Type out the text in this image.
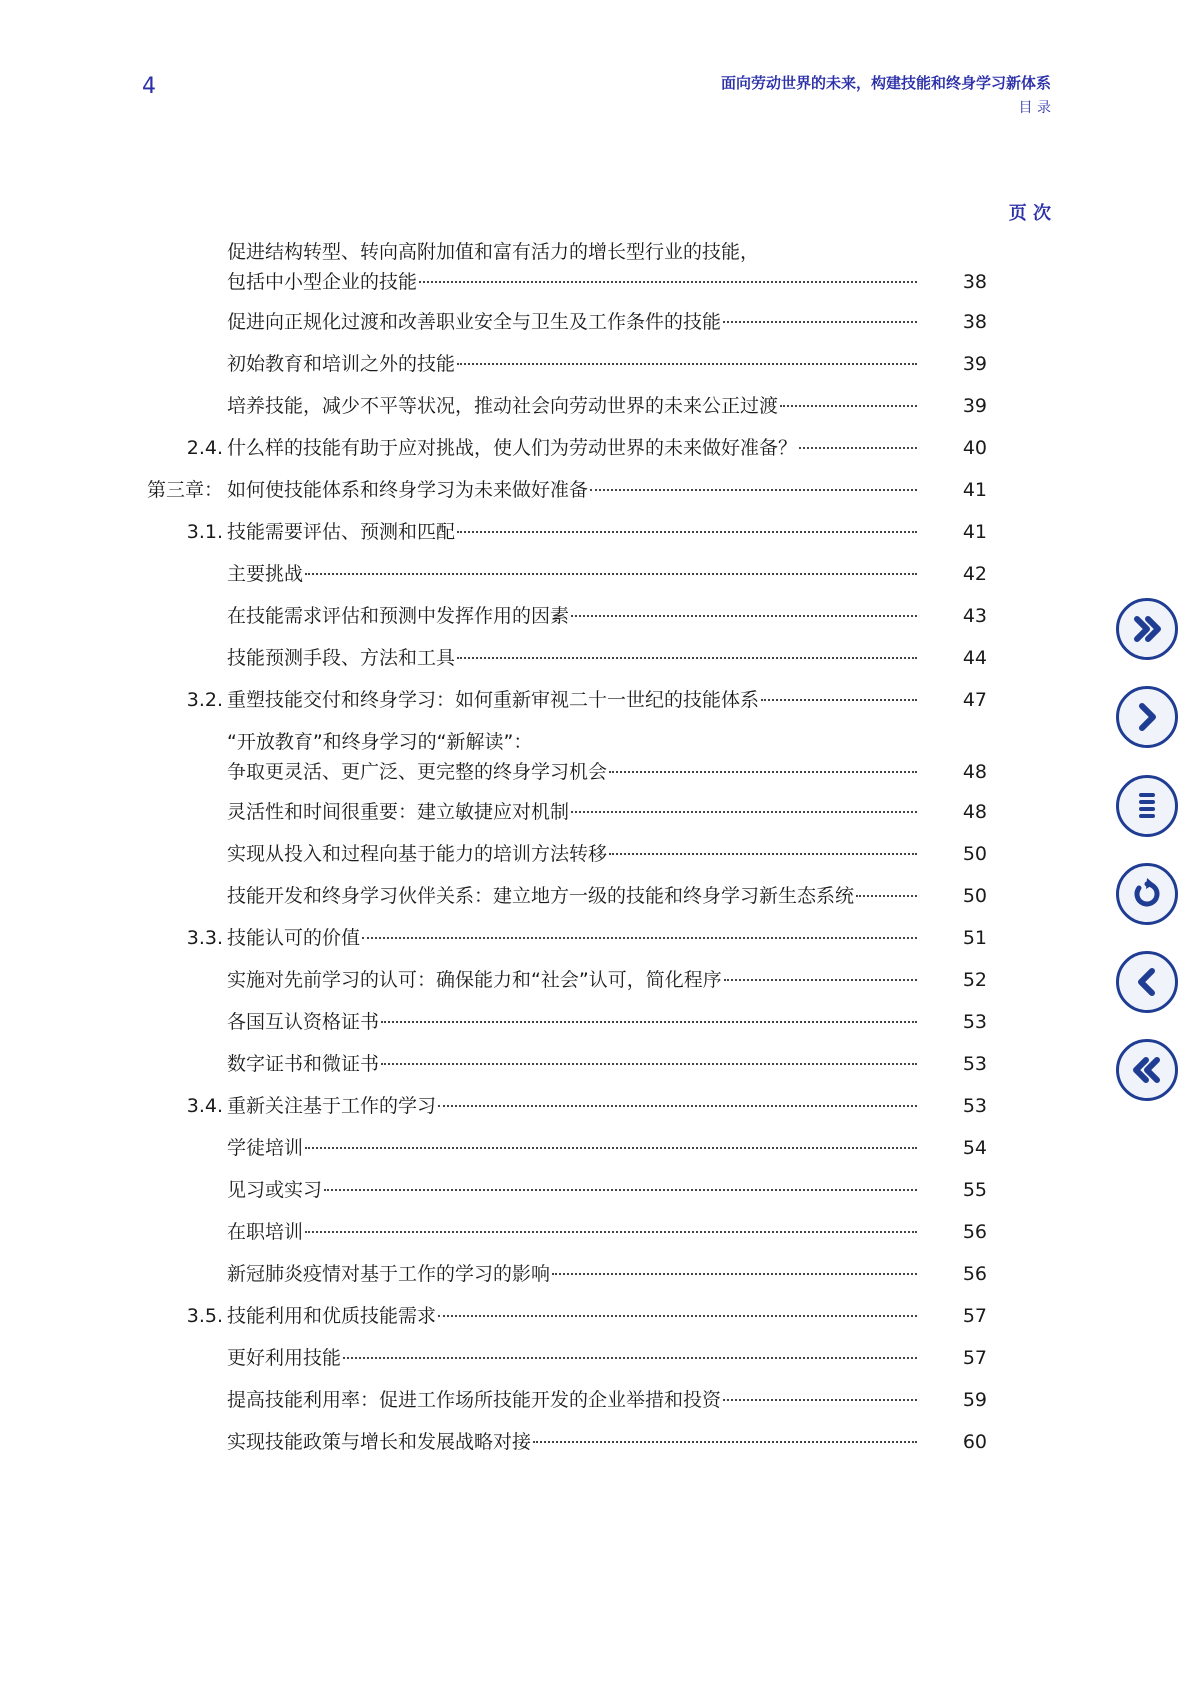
4	面向劳动世界的未来，构建技能和终身学习新体系
目 录
页 次
促进结构转型、转向高附加值和富有活力的增长型行业的技能，
包括中小型企业的技能	38
促进向正规化过渡和改善职业安全与卫生及工作条件的技能	38
初始教育和培训之外的技能	39
培养技能，减少不平等状况，推动社会向劳动世界的未来公正过渡	39
2.4. 什么样的技能有助于应对挑战，使人们为劳动世界的未来做好准备？	40
第三章： 如何使技能体系和终身学习为未来做好准备	41
3.1. 技能需要评估、预测和匹配	41
主要挑战	42
在技能需求评估和预测中发挥作用的因素	43
技能预测手段、方法和工具	44
3.2. 重塑技能交付和终身学习：如何重新审视二十一世纪的技能体系	47
“开放教育”和终身学习的“新解读”：
争取更灵活、更广泛、更完整的终身学习机会	48
灵活性和时间很重要：建立敏捷应对机制	48
实现从投入和过程向基于能力的培训方法转移	50
技能开发和终身学习伙伴关系：建立地方一级的技能和终身学习新生态系统	50
3.3. 技能认可的价值	51
实施对先前学习的认可：确保能力和“社会”认可，简化程序	52
各国互认资格证书	53
数字证书和微证书	53
3.4. 重新关注基于工作的学习	53
学徒培训	54
见习或实习	55
在职培训	56
新冠肺炎疫情对基于工作的学习的影响	56
3.5. 技能利用和优质技能需求	57
更好利用技能	57
提高技能利用率：促进工作场所技能开发的企业举措和投资	59
实现技能政策与增长和发展战略对接	60
